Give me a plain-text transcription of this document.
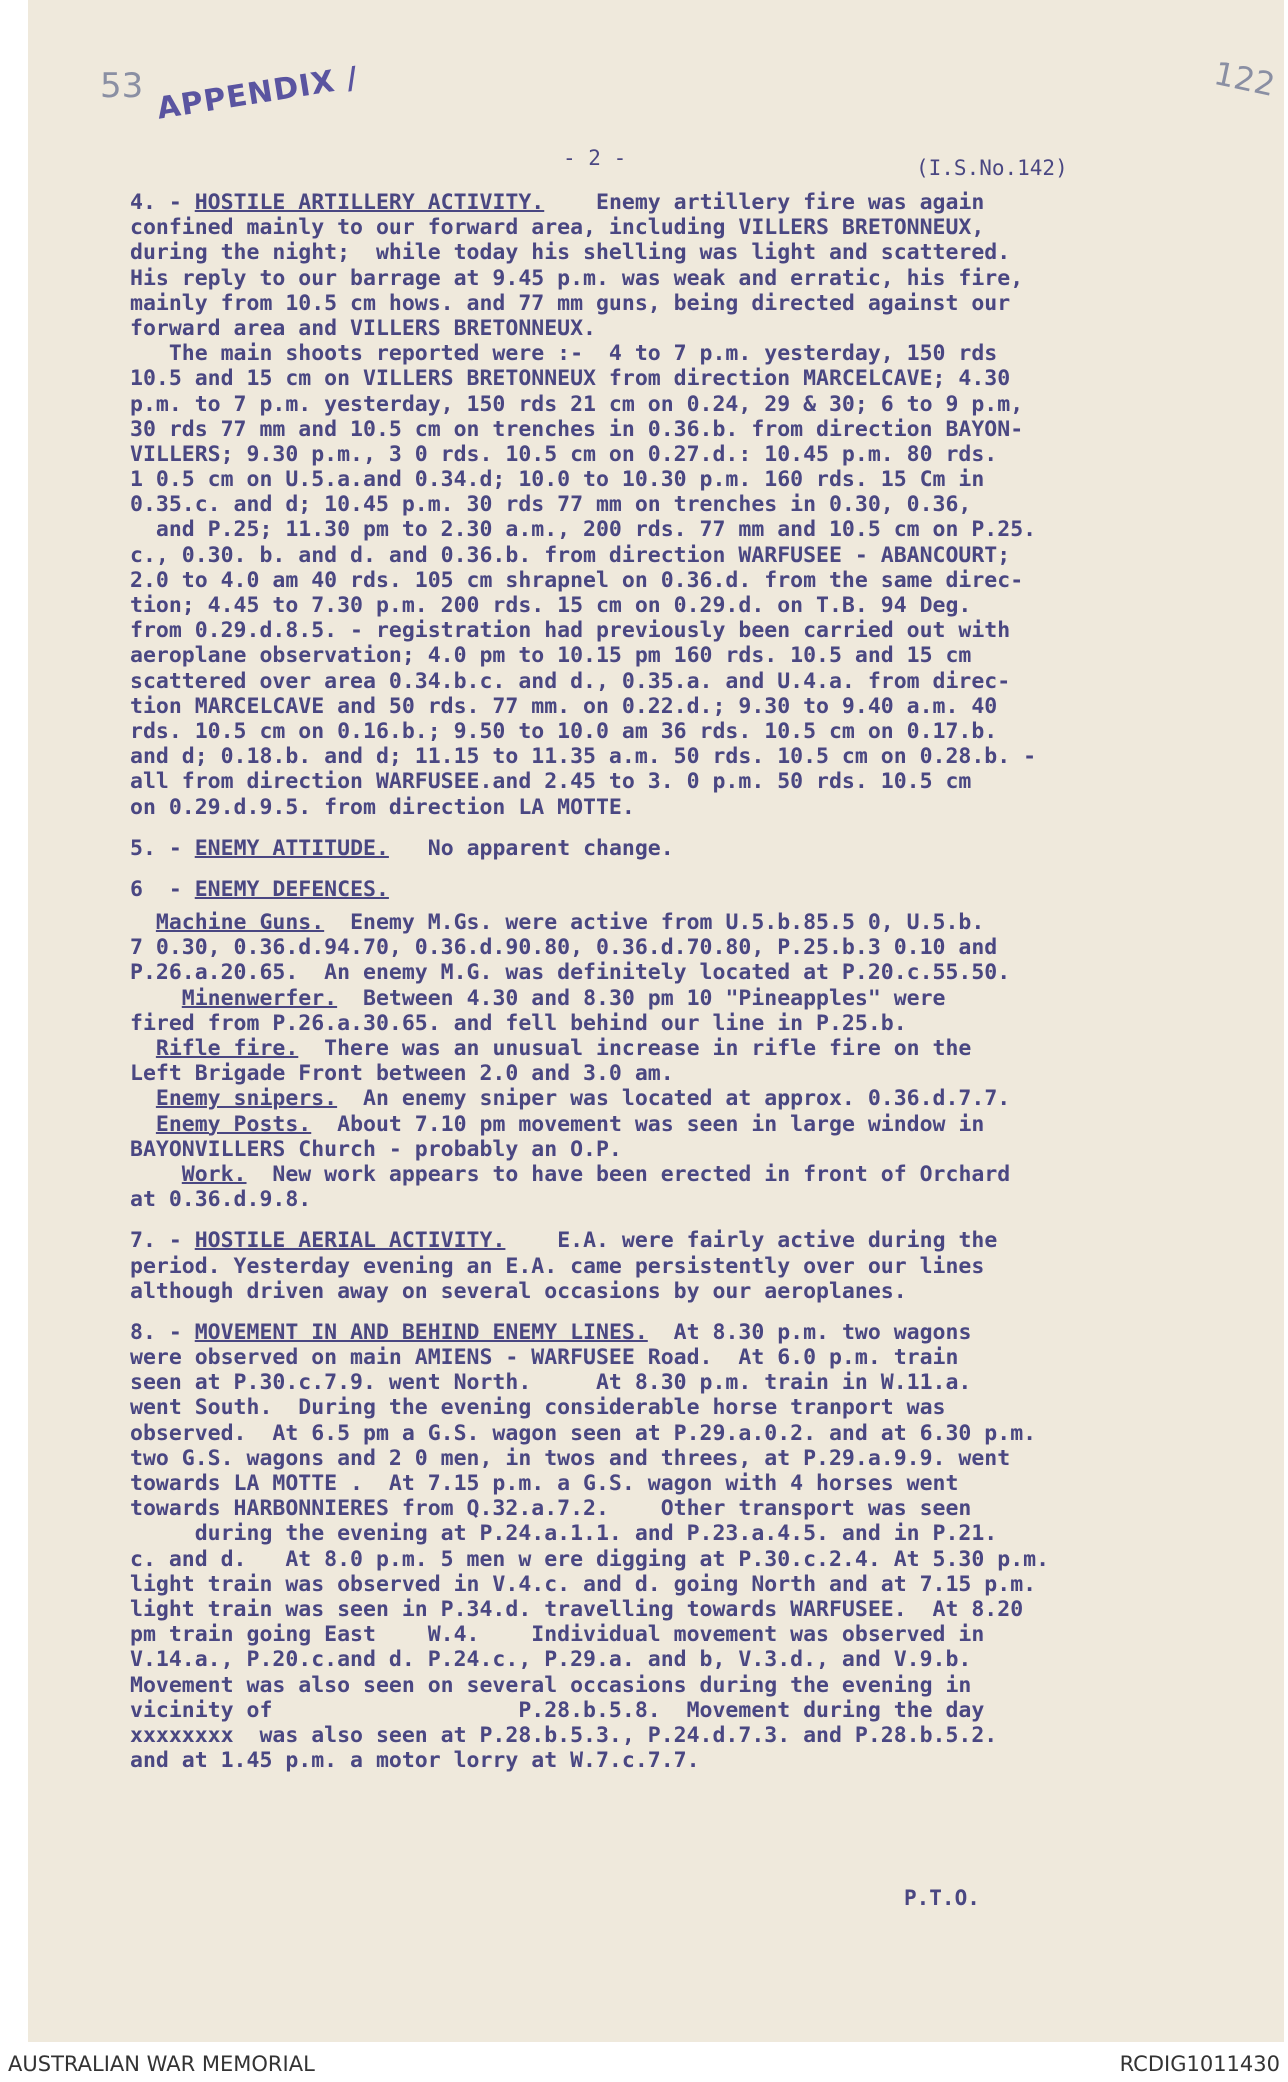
53	122
APPENDIX /
- 2 -	(I.S.No.142)
4. - HOSTILE ARTILLERY ACTIVITY. Enemy artillery fire was again
confined mainly to our forward area, including VILLERS BRETONNEUX,
during the night;  while today his shelling was light and scattered.
His reply to our barrage at 9.45 p.m. was weak and erratic, his fire,
mainly from 10.5 cm hows. and 77 mm guns, being directed against our
forward area and VILLERS BRETONNEUX.
The main shoots reported were :-  4 to 7 p.m. yesterday, 150 rds
10.5 and 15 cm on VILLERS BRETONNEUX from direction MARCELCAVE; 4.30
p.m. to 7 p.m. yesterday, 150 rds 21 cm on 0.24, 29 & 30; 6 to 9 p.m,
30 rds 77 mm and 10.5 cm on trenches in 0.36.b. from direction BAYON-
VILLERS; 9.30 p.m., 3 0 rds. 10.5 cm on 0.27.d.: 10.45 p.m. 80 rds.
1 0.5 cm on U.5.a.and 0.34.d; 10.0 to 10.30 p.m. 160 rds. 15 Cm in
0.35.c. and d; 10.45 p.m. 30 rds 77 mm on trenches in 0.30, 0.36,
and P.25; 11.30 pm to 2.30 a.m., 200 rds. 77 mm and 10.5 cm on P.25.
c., 0.30. b. and d. and 0.36.b. from direction WARFUSEE - ABANCOURT;
2.0 to 4.0 am 40 rds. 105 cm shrapnel on 0.36.d. from the same direc-
tion; 4.45 to 7.30 p.m. 200 rds. 15 cm on 0.29.d. on T.B. 94 Deg.
from 0.29.d.8.5. - registration had previously been carried out with
aeroplane observation; 4.0 pm to 10.15 pm 160 rds. 10.5 and 15 cm
scattered over area 0.34.b.c. and d., 0.35.a. and U.4.a. from direc-
tion MARCELCAVE and 50 rds. 77 mm. on 0.22.d.; 9.30 to 9.40 a.m. 40
rds. 10.5 cm on 0.16.b.; 9.50 to 10.0 am 36 rds. 10.5 cm on 0.17.b.
and d; 0.18.b. and d; 11.15 to 11.35 a.m. 50 rds. 10.5 cm on 0.28.b. -
all from direction WARFUSEE.and 2.45 to 3. 0 p.m. 50 rds. 10.5 cm
on 0.29.d.9.5. from direction LA MOTTE.
5. - ENEMY ATTITUDE. No apparent change.
6  - ENEMY DEFENCES.
Machine Guns. Enemy M.Gs. were active from U.5.b.85.5 0, U.5.b.
7 0.30, 0.36.d.94.70, 0.36.d.90.80, 0.36.d.70.80, P.25.b.3 0.10 and
P.26.a.20.65.  An enemy M.G. was definitely located at P.20.c.55.50.
Minenwerfer. Between 4.30 and 8.30 pm 10 "Pineapples" were
fired from P.26.a.30.65. and fell behind our line in P.25.b.
Rifle fire. There was an unusual increase in rifle fire on the
Left Brigade Front between 2.0 and 3.0 am.
Enemy snipers. An enemy sniper was located at approx. 0.36.d.7.7.
Enemy Posts. About 7.10 pm movement was seen in large window in
BAYONVILLERS Church - probably an O.P.
Work. New work appears to have been erected in front of Orchard
at 0.36.d.9.8.
7. - HOSTILE AERIAL ACTIVITY. E.A. were fairly active during the
period. Yesterday evening an E.A. came persistently over our lines
although driven away on several occasions by our aeroplanes.
8. - MOVEMENT IN AND BEHIND ENEMY LINES. At 8.30 p.m. two wagons
were observed on main AMIENS - WARFUSEE Road.  At 6.0 p.m. train
seen at P.30.c.7.9. went North.     At 8.30 p.m. train in W.11.a.
went South.  During the evening considerable horse tranport was
observed.  At 6.5 pm a G.S. wagon seen at P.29.a.0.2. and at 6.30 p.m.
two G.S. wagons and 2 0 men, in twos and threes, at P.29.a.9.9. went
towards LA MOTTE .  At 7.15 p.m. a G.S. wagon with 4 horses went
towards HARBONNIERES from Q.32.a.7.2.    Other transport was seen
during the evening at P.24.a.1.1. and P.23.a.4.5. and in P.21.
c. and d.   At 8.0 p.m. 5 men w ere digging at P.30.c.2.4. At 5.30 p.m.
light train was observed in V.4.c. and d. going North and at 7.15 p.m.
light train was seen in P.34.d. travelling towards WARFUSEE.  At 8.20
pm train going East    W.4.    Individual movement was observed in
V.14.a., P.20.c.and d. P.24.c., P.29.a. and b, V.3.d., and V.9.b.
Movement was also seen on several occasions during the evening in
vicinity of                   P.28.b.5.8.  Movement during the day
xxxxxxxx  was also seen at P.28.b.5.3., P.24.d.7.3. and P.28.b.5.2.
and at 1.45 p.m. a motor lorry at W.7.c.7.7.
P.T.O.
AUSTRALIAN WAR MEMORIAL	RCDIG1011430
